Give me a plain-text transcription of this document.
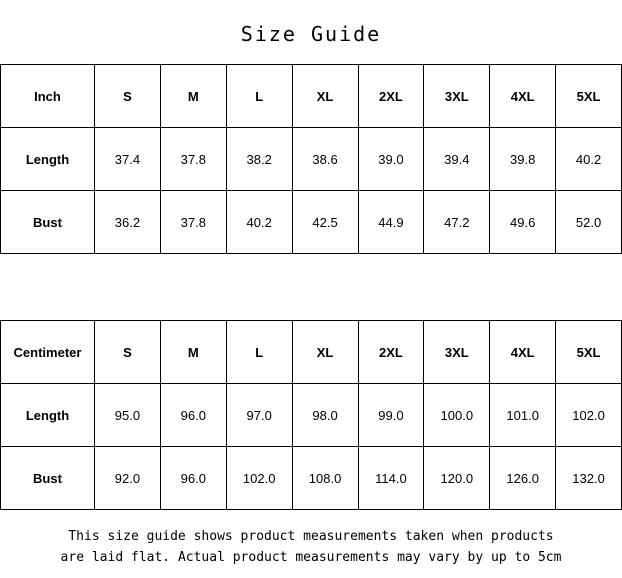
Size Guide
Inch	S	M	L	XL	2XL	3XL	4XL	5XL
Length	37.4	37.8	38.2	38.6	39.0	39.4	39.8	40.2
Bust	36.2	37.8	40.2	42.5	44.9	47.2	49.6	52.0
Centimeter	S	M	L	XL	2XL	3XL	4XL	5XL
Length	95.0	96.0	97.0	98.0	99.0	100.0	101.0	102.0
Bust	92.0	96.0	102.0	108.0	114.0	120.0	126.0	132.0
This size guide shows product measurements taken when products
are laid flat. Actual product measurements may vary by up to 5cm
